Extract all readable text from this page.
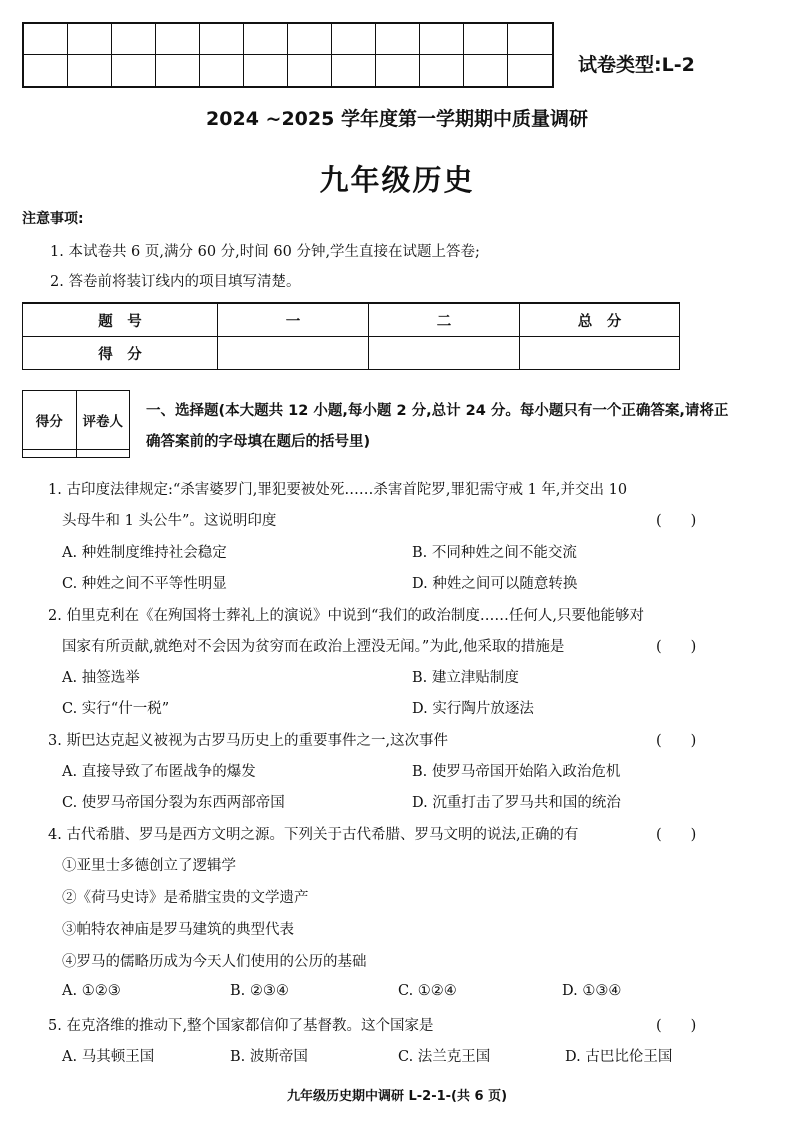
试卷类型:L-2
2024 ~2025 学年度第一学期期中质量调研
九年级历史
注意事项:
1. 本试卷共 6 页,满分 60 分,时间 60 分钟,学生直接在试题上答卷;
2. 答卷前将装订线内的项目填写清楚。
题　号	一	二	总　分
得　分			
得分	评卷人

一、选择题(本大题共 12 小题,每小题 2 分,总计 24 分。每小题只有一个正确答案,请将正确答案前的字母填在题后的括号里)
1. 古印度法律规定:“杀害婆罗门,罪犯要被处死……杀害首陀罗,罪犯需守戒 1 年,并交出 10
头母牛和 1 头公牛”。这说明印度	(　　)
A. 种姓制度维持社会稳定	B. 不同种姓之间不能交流
C. 种姓之间不平等性明显	D. 种姓之间可以随意转换
2. 伯里克利在《在殉国将士葬礼上的演说》中说到“我们的政治制度……任何人,只要他能够对
国家有所贡献,就绝对不会因为贫穷而在政治上湮没无闻。”为此,他采取的措施是	(　　)
A. 抽签选举	B. 建立津贴制度
C. 实行“什一税”	D. 实行陶片放逐法
3. 斯巴达克起义被视为古罗马历史上的重要事件之一,这次事件	(　　)
A. 直接导致了布匿战争的爆发	B. 使罗马帝国开始陷入政治危机
C. 使罗马帝国分裂为东西两部帝国	D. 沉重打击了罗马共和国的统治
4. 古代希腊、罗马是西方文明之源。下列关于古代希腊、罗马文明的说法,正确的有	(　　)
①亚里士多德创立了逻辑学
②《荷马史诗》是希腊宝贵的文学遗产
③帕特农神庙是罗马建筑的典型代表
④罗马的儒略历成为今天人们使用的公历的基础
A. ①②③	B. ②③④	C. ①②④	D. ①③④
5. 在克洛维的推动下,整个国家都信仰了基督教。这个国家是	(　　)
A. 马其顿王国	B. 波斯帝国	C. 法兰克王国	D. 古巴比伦王国
九年级历史期中调研 L-2-1-(共 6 页)
